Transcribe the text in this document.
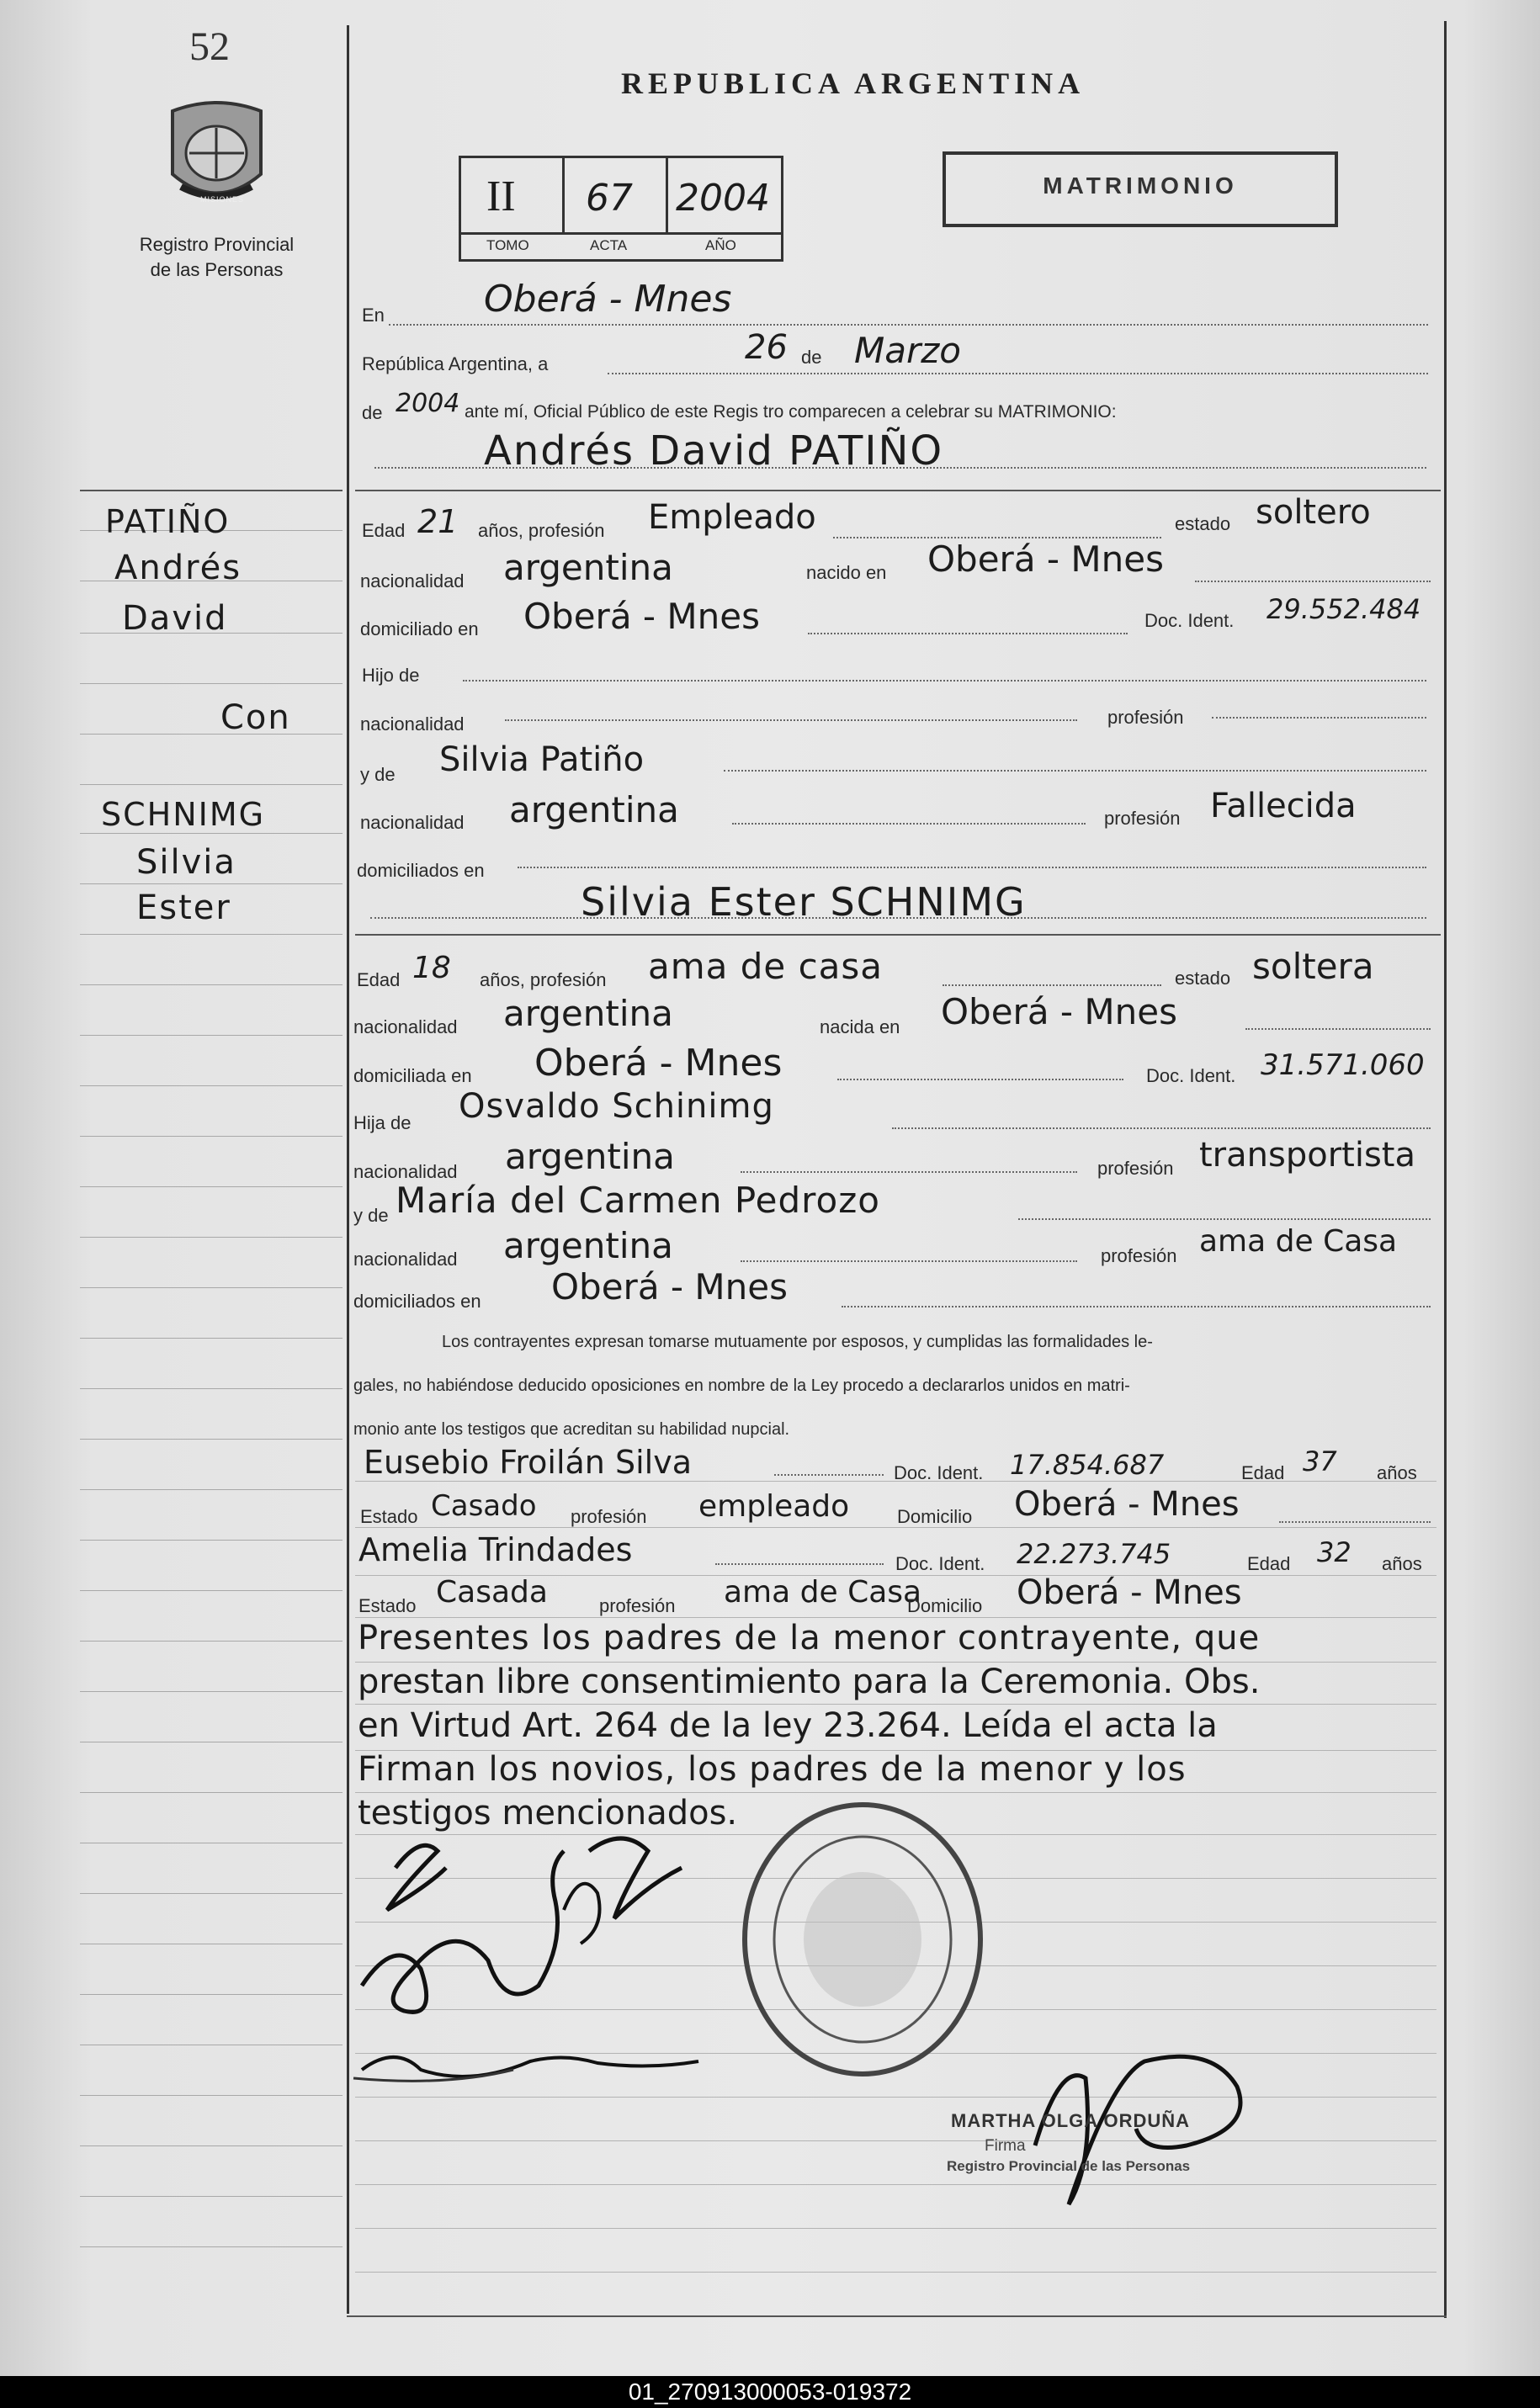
52
MISIONES
Registro Provincial
de las Personas
REPUBLICA ARGENTINA
II 67 2004
TOMO	ACTA	AÑO
MATRIMONIO
PATIÑO
Andrés
David
Con
SCHNIMG
Silvia
Ester
En	Oberá - Mnes
República Argentina, a	26 de Marzo
de 2004 ante mí, Oficial Público de este Regis tro comparecen a celebrar su MATRIMONIO:
Andrés David PATIÑO
Edad 21 años, profesión Empleado	estado soltero
nacionalidad argentina	nacido en Oberá - Mnes
domiciliado en Oberá - Mnes	Doc. Ident. 29.552.484
Hijo de
nacionalidad	profesión
y de Silvia Patiño
nacionalidad argentina	profesión Fallecida
domiciliados en
Silvia Ester SCHNIMG
Edad 18 años, profesión ama de casa	estado soltera
nacionalidad argentina	nacida en Oberá - Mnes
domiciliada en Oberá - Mnes	Doc. Ident. 31.571.060
Hija de Osvaldo Schinimg
nacionalidad argentina	profesión transportista
y de María del Carmen Pedrozo
nacionalidad argentina	profesión ama de Casa
domiciliados en Oberá - Mnes
Los contrayentes expresan tomarse mutuamente por esposos, y cumplidas las formalidades le-
gales, no habiéndose deducido oposiciones en nombre de la Ley procedo a declararlos unidos en matri-
monio ante los testigos que acreditan su habilidad nupcial.
Eusebio Froilán Silva	Doc. Ident. 17.854.687	Edad 37 años
Estado Casado profesión empleado	Domicilio Oberá - Mnes
Amelia Trindades	Doc. Ident. 22.273.745	Edad 32 años
Estado Casada	profesión ama de Casa
Domicilio Oberá - Mnes
Presentes los padres de la menor contrayente, que
prestan libre consentimiento para la Ceremonia. Obs.
en Virtud Art. 264 de la ley 23.264. Leída el acta la
Firman los novios, los padres de la menor y los
testigos mencionados.
MARTHA OLGA ORDUÑA
Firma
Registro Provincial de las Personas
01_270913000053-019372
